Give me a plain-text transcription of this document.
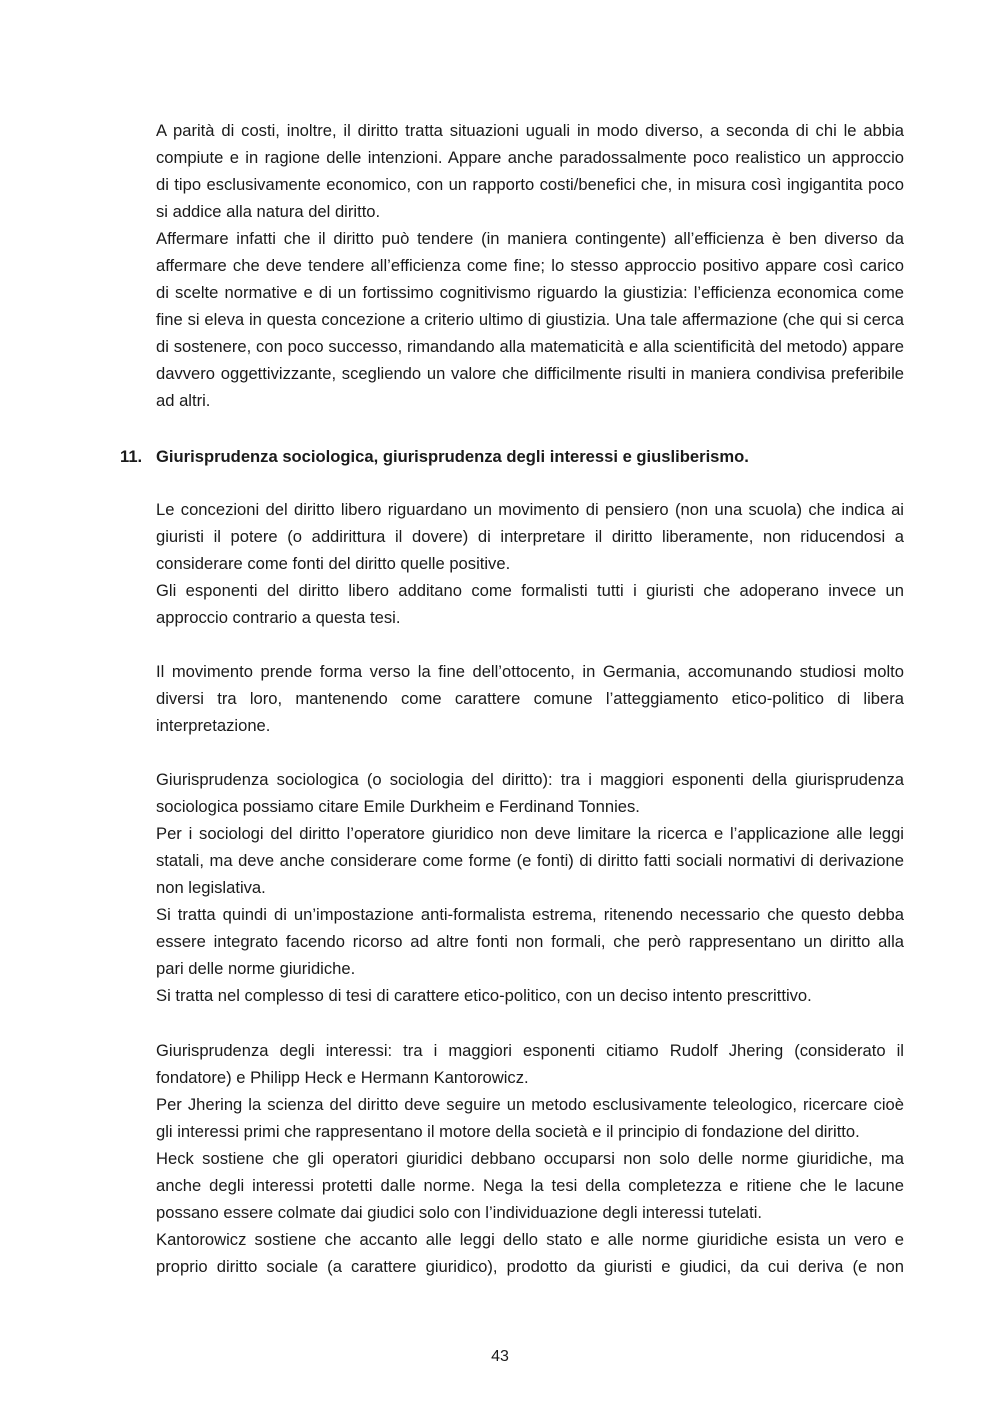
A parità di costi, inoltre, il diritto tratta situazioni uguali in modo diverso, a seconda di chi le abbia
compiute e in ragione delle intenzioni. Appare anche paradossalmente poco realistico un approccio
di tipo esclusivamente economico, con un rapporto costi/benefici che, in misura così ingigantita poco
si addice alla natura del diritto.
Affermare infatti che il diritto può tendere (in maniera contingente) all’efficienza è ben diverso da
affermare che deve tendere all’efficienza come fine; lo stesso approccio positivo appare così carico
di scelte normative e di un fortissimo cognitivismo riguardo la giustizia: l’efficienza economica come
fine si eleva in questa concezione a criterio ultimo di giustizia. Una tale affermazione (che qui si cerca
di sostenere, con poco successo, rimandando alla matematicità e alla scientificità del metodo) appare
davvero oggettivizzante, scegliendo un valore che difficilmente risulti in maniera condivisa preferibile
ad altri.
11. Giurisprudenza sociologica, giurisprudenza degli interessi e giusliberismo.
Le concezioni del diritto libero riguardano un movimento di pensiero (non una scuola) che indica ai
giuristi il potere (o addirittura il dovere) di interpretare il diritto liberamente, non riducendosi a
considerare come fonti del diritto quelle positive.
Gli esponenti del diritto libero additano come formalisti tutti i giuristi che adoperano invece un
approccio contrario a questa tesi.
Il movimento prende forma verso la fine dell’ottocento, in Germania, accomunando studiosi molto
diversi tra loro, mantenendo come carattere comune l’atteggiamento etico-politico di libera
interpretazione.
Giurisprudenza sociologica (o sociologia del diritto): tra i maggiori esponenti della giurisprudenza
sociologica possiamo citare Emile Durkheim e Ferdinand Tonnies.
Per i sociologi del diritto l’operatore giuridico non deve limitare la ricerca e l’applicazione alle leggi
statali, ma deve anche considerare come forme (e fonti) di diritto fatti sociali normativi di derivazione
non legislativa.
Si tratta quindi di un’impostazione anti-formalista estrema, ritenendo necessario che questo debba
essere integrato facendo ricorso ad altre fonti non formali, che però rappresentano un diritto alla
pari delle norme giuridiche.
Si tratta nel complesso di tesi di carattere etico-politico, con un deciso intento prescrittivo.
Giurisprudenza degli interessi: tra i maggiori esponenti citiamo Rudolf Jhering (considerato il
fondatore) e Philipp Heck e Hermann Kantorowicz.
Per Jhering la scienza del diritto deve seguire un metodo esclusivamente teleologico, ricercare cioè
gli interessi primi che rappresentano il motore della società e il principio di fondazione del diritto.
Heck sostiene che gli operatori giuridici debbano occuparsi non solo delle norme giuridiche, ma
anche degli interessi protetti dalle norme. Nega la tesi della completezza e ritiene che le lacune
possano essere colmate dai giudici solo con l’individuazione degli interessi tutelati.
Kantorowicz sostiene che accanto alle leggi dello stato e alle norme giuridiche esista un vero e
proprio diritto sociale (a carattere giuridico), prodotto da giuristi e giudici, da cui deriva (e non
43
